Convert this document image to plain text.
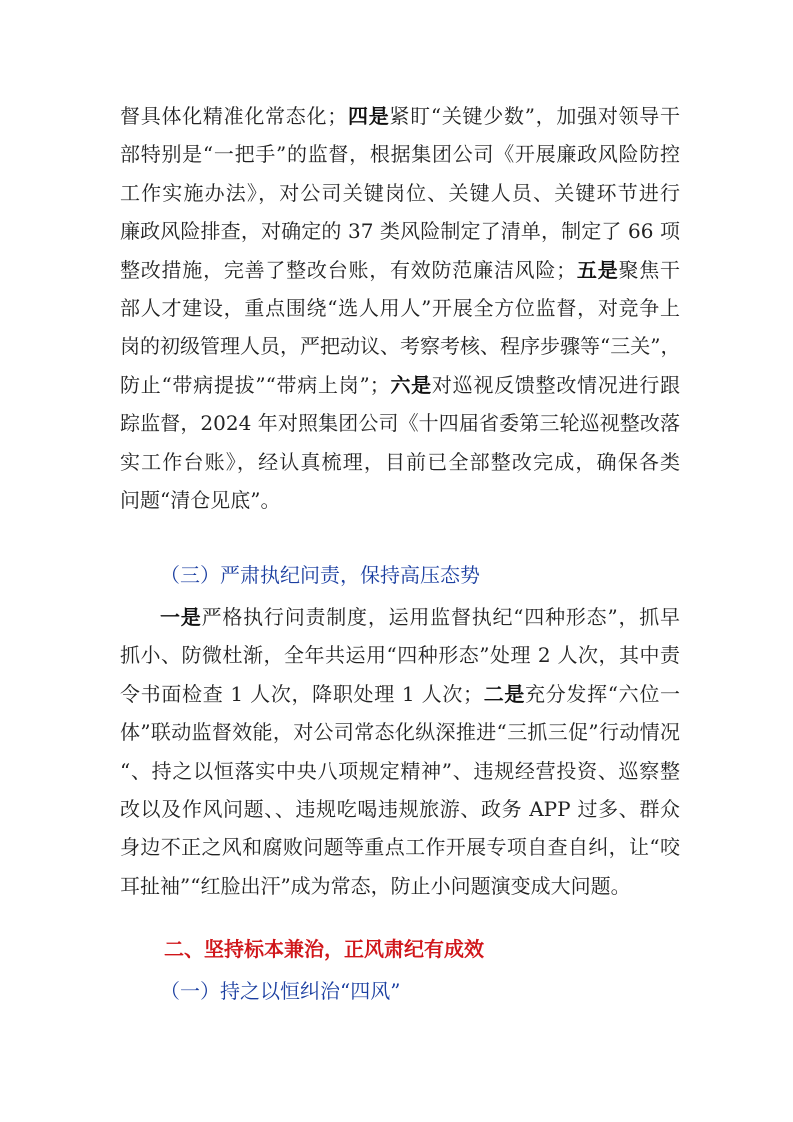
督具体化精准化常态化；四是紧盯“关键少数”，加强对领导干
部特别是“一把手”的监督，根据集团公司《开展廉政风险防控
工作实施办法》，对公司关键岗位、关键人员、关键环节进行
廉政风险排查，对确定的 37 类风险制定了清单，制定了 66 项
整改措施，完善了整改台账，有效防范廉洁风险；五是聚焦干
部人才建设，重点围绕“选人用人”开展全方位监督，对竞争上
岗的初级管理人员，严把动议、考察考核、程序步骤等“三关”，
防止“带病提拔”“带病上岗”；六是对巡视反馈整改情况进行跟
踪监督，2024 年对照集团公司《十四届省委第三轮巡视整改落
实工作台账》，经认真梳理，目前已全部整改完成，确保各类
问题“清仓见底”。
（三）严肃执纪问责，保持高压态势
一是严格执行问责制度，运用监督执纪“四种形态”，抓早
抓小、防微杜渐，全年共运用“四种形态”处理 2 人次，其中责
令书面检查 1 人次，降职处理 1 人次；二是充分发挥“六位一
体”联动监督效能，对公司常态化纵深推进“三抓三促”行动情况
“、持之以恒落实中央八项规定精神”、违规经营投资、巡察整
改以及作风问题、、违规吃喝违规旅游、政务 APP 过多、群众
身边不正之风和腐败问题等重点工作开展专项自查自纠，让“咬
耳扯袖”“红脸出汗”成为常态，防止小问题演变成大问题。
二、坚持标本兼治，正风肃纪有成效
（一）持之以恒纠治“四风”
